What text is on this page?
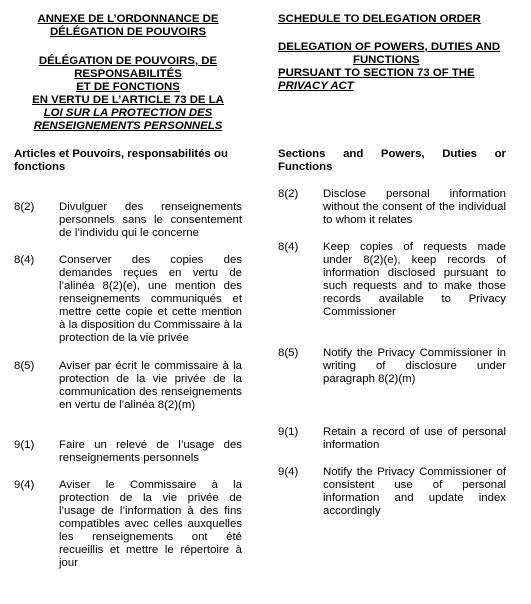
ANNEXE DE L’ORDONNANCE DE

DÉLÉGATION DE POUVOIRS

DÉLÉGATION DE POUVOIRS, DE

RESPONSABILITÉS

ET DE FONCTIONS

EN VERTU DE L’ARTICLE 73 DE LA

LOI SUR LA PROTECTION DES

RENSEIGNEMENTS PERSONNELS

Articles et Pouvoirs, responsabilités ou

fonctions

8(2)	Divulguer des renseignements personnels sans le consentement de l’individu qui le concerne
8(4)	Conserver des copies des demandes reçues en vertu de l’alinéa 8(2)(e), une mention des renseignements communiqués et mettre cette copie et cette mention à la disposition du Commissaire à la protection de la vie privée
8(5)	Aviser par écrit le commissaire à la protection de la vie privée de la communication des renseignements en vertu de l’alinéa 8(2)(m)
9(1)	Faire un relevé de l’usage des renseignements personnels
9(4)	Aviser le Commissaire à la protection de la vie privée de l’usage de l’information à des fins compatibles avec celles auxquelles les renseignements ont été recueillis et mettre le répertoire à jour

SCHEDULE TO DELEGATION ORDER

DELEGATION OF POWERS, DUTIES AND

FUNCTIONS

PURSUANT TO SECTION 73 OF THE

PRIVACY ACT

Sections and Powers, Duties or

Functions

8(2)	Disclose personal information without the consent of the individual to whom it relates
8(4)	Keep copies of requests made under 8(2)(e), keep records of information disclosed pursuant to such requests and to make those records available to Privacy Commissioner
8(5)	Notify the Privacy Commissioner in writing of disclosure under paragraph 8(2)(m)
9(1)	Retain a record of use of personal information
9(4)	Notify the Privacy Commissioner of consistent use of personal information and update index accordingly
